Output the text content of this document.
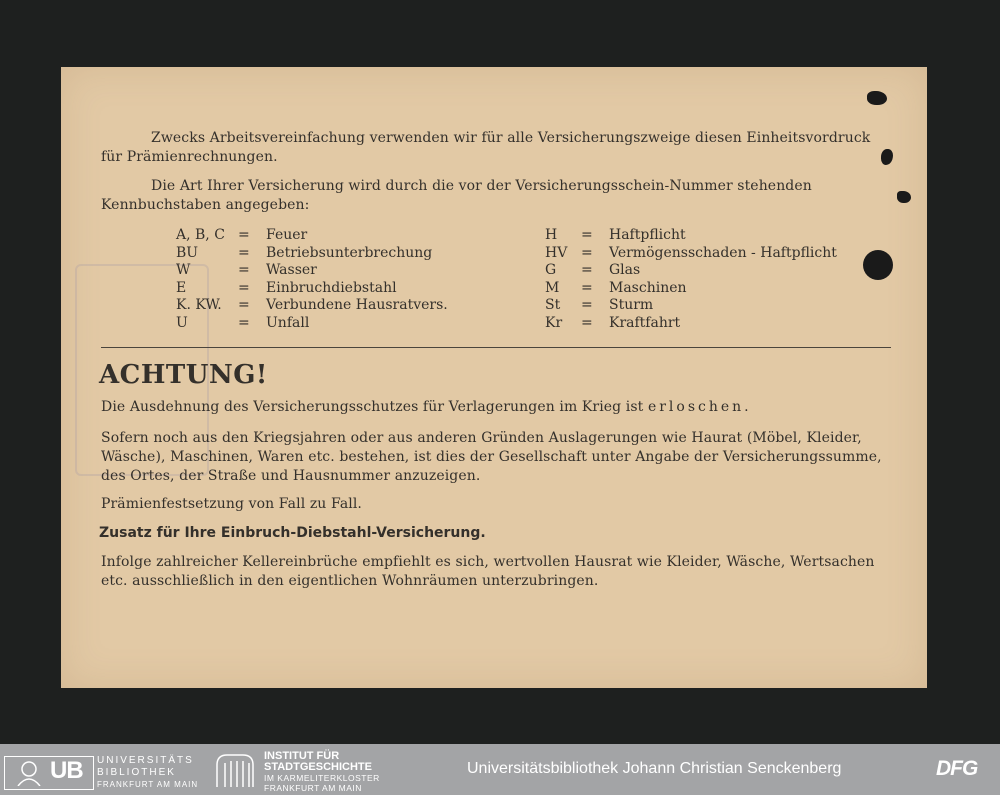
Zwecks Arbeitsvereinfachung verwenden wir für alle Versicherungszweige diesen Einheitsvordruck für Prämienrechnungen.

Die Art Ihrer Versicherung wird durch die vor der Versicherungsschein-Nummer stehenden Kennbuchstaben angegeben:

A, B, C =	Feuer
BU	=	Betriebsunterbrechung
W	=	Wasser
E	=	Einbruchdiebstahl
K. KW.	=	Verbundene Hausratvers.
U	=	Unfall
H	=	Haftpflicht
HV =	Vermögensschaden - Haftpflicht
G	=	Glas
M	=	Maschinen
St	=	Sturm
Kr	=	Kraftfahrt
ACHTUNG!

Die Ausdehnung des Versicherungsschutzes für Verlagerungen im Krieg ist erloschen.

Sofern noch aus den Kriegsjahren oder aus anderen Gründen Auslagerungen wie Haurat (Möbel, Kleider, Wäsche), Maschinen, Waren etc. bestehen, ist dies der Gesellschaft unter Angabe der Versicherungssumme, des Ortes, der Straße und Hausnummer anzuzeigen.

Prämienfestsetzung von Fall zu Fall.

Zusatz für Ihre Einbruch-Diebstahl-Versicherung.

Infolge zahlreicher Kellereinbrüche empfiehlt es sich, wertvollen Hausrat wie Kleider, Wäsche, Wertsachen etc. ausschließlich in den eigentlichen Wohnräumen unterzubringen.

UB UNIVERSITÄTS
BIBLIOTHEK
FRANKFURT AM MAIN
INSTITUT FÜR
STADTGESCHICHTE
IM KARMELITERKLOSTER
FRANKFURT AM MAIN
Universitätsbibliothek Johann Christian Senckenberg	DFG
